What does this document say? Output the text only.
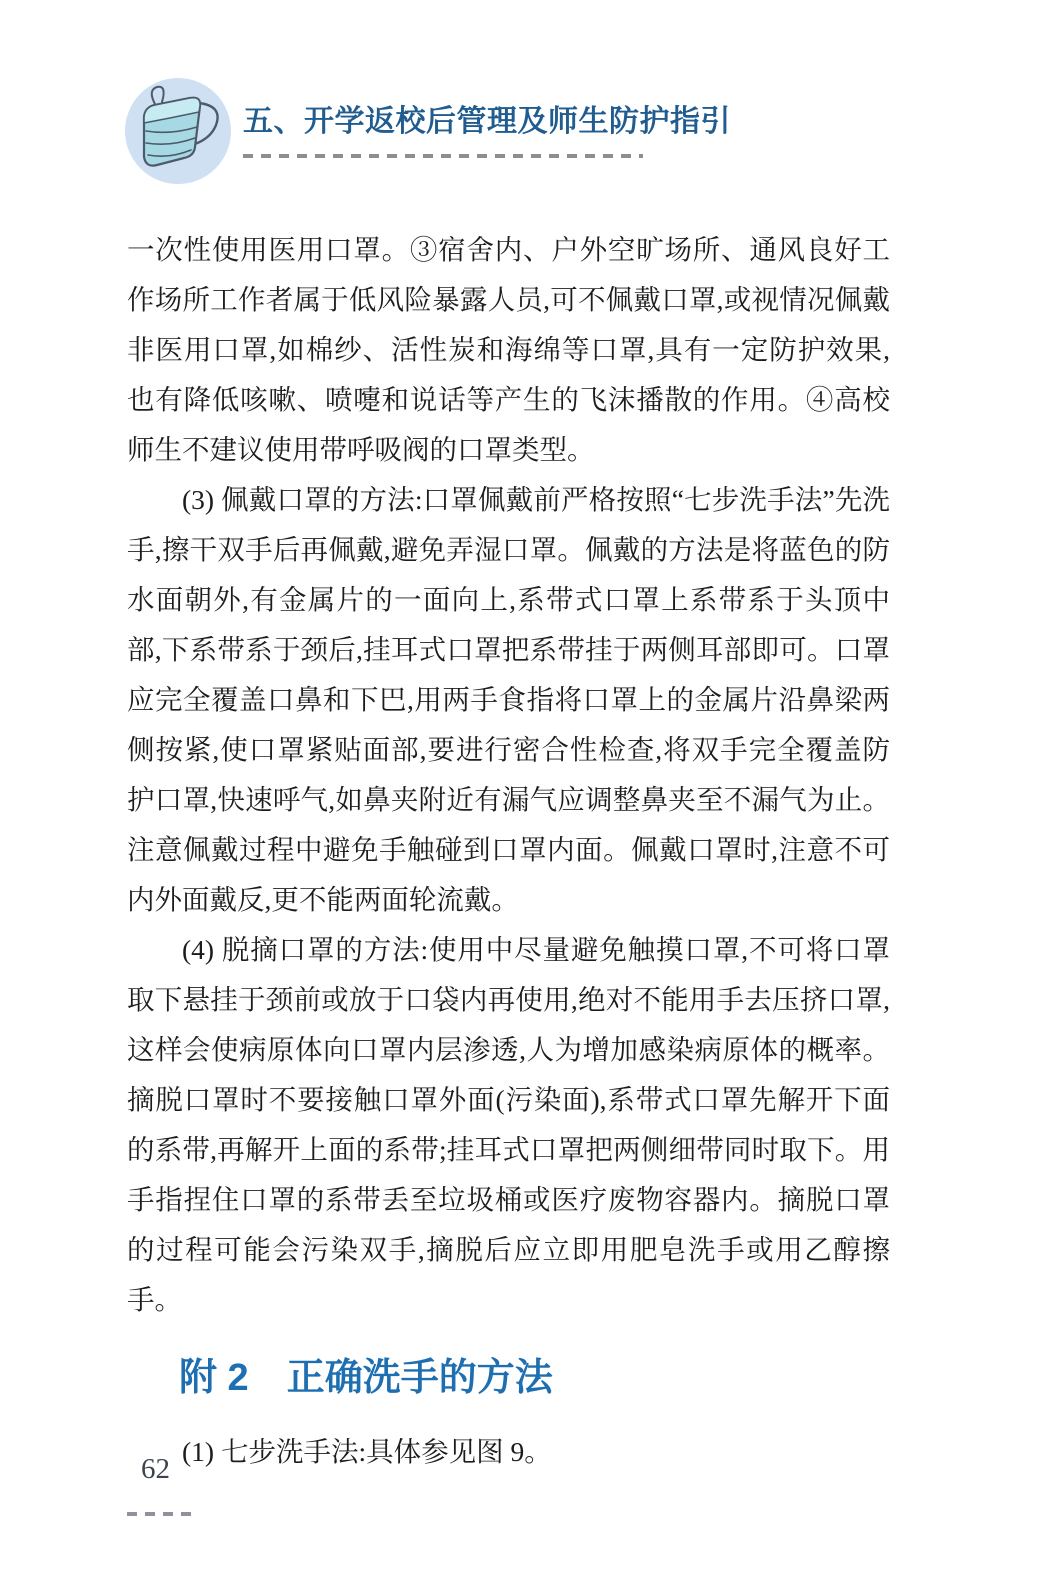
五、开学返校后管理及师生防护指引

一次性使用医用口罩。③宿舍内、户外空旷场所、通风良好工作场所工作者属于低风险暴露人员,可不佩戴口罩,或视情况佩戴非医用口罩,如棉纱、活性炭和海绵等口罩,具有一定防护效果,也有降低咳嗽、喷嚏和说话等产生的飞沫播散的作用。④高校师生不建议使用带呼吸阀的口罩类型。

(3) 佩戴口罩的方法:口罩佩戴前严格按照“七步洗手法”先洗手,擦干双手后再佩戴,避免弄湿口罩。佩戴的方法是将蓝色的防水面朝外,有金属片的一面向上,系带式口罩上系带系于头顶中部,下系带系于颈后,挂耳式口罩把系带挂于两侧耳部即可。口罩应完全覆盖口鼻和下巴,用两手食指将口罩上的金属片沿鼻梁两侧按紧,使口罩紧贴面部,要进行密合性检查,将双手完全覆盖防护口罩,快速呼气,如鼻夹附近有漏气应调整鼻夹至不漏气为止。注意佩戴过程中避免手触碰到口罩内面。佩戴口罩时,注意不可内外面戴反,更不能两面轮流戴。

(4) 脱摘口罩的方法:使用中尽量避免触摸口罩,不可将口罩取下悬挂于颈前或放于口袋内再使用,绝对不能用手去压挤口罩,这样会使病原体向口罩内层渗透,人为增加感染病原体的概率。摘脱口罩时不要接触口罩外面(污染面),系带式口罩先解开下面的系带,再解开上面的系带;挂耳式口罩把两侧细带同时取下。用手指捏住口罩的系带丢至垃圾桶或医疗废物容器内。摘脱口罩的过程可能会污染双手,摘脱后应立即用肥皂洗手或用乙醇擦手。

附 2　正确洗手的方法

(1) 七步洗手法:具体参见图 9。

62
